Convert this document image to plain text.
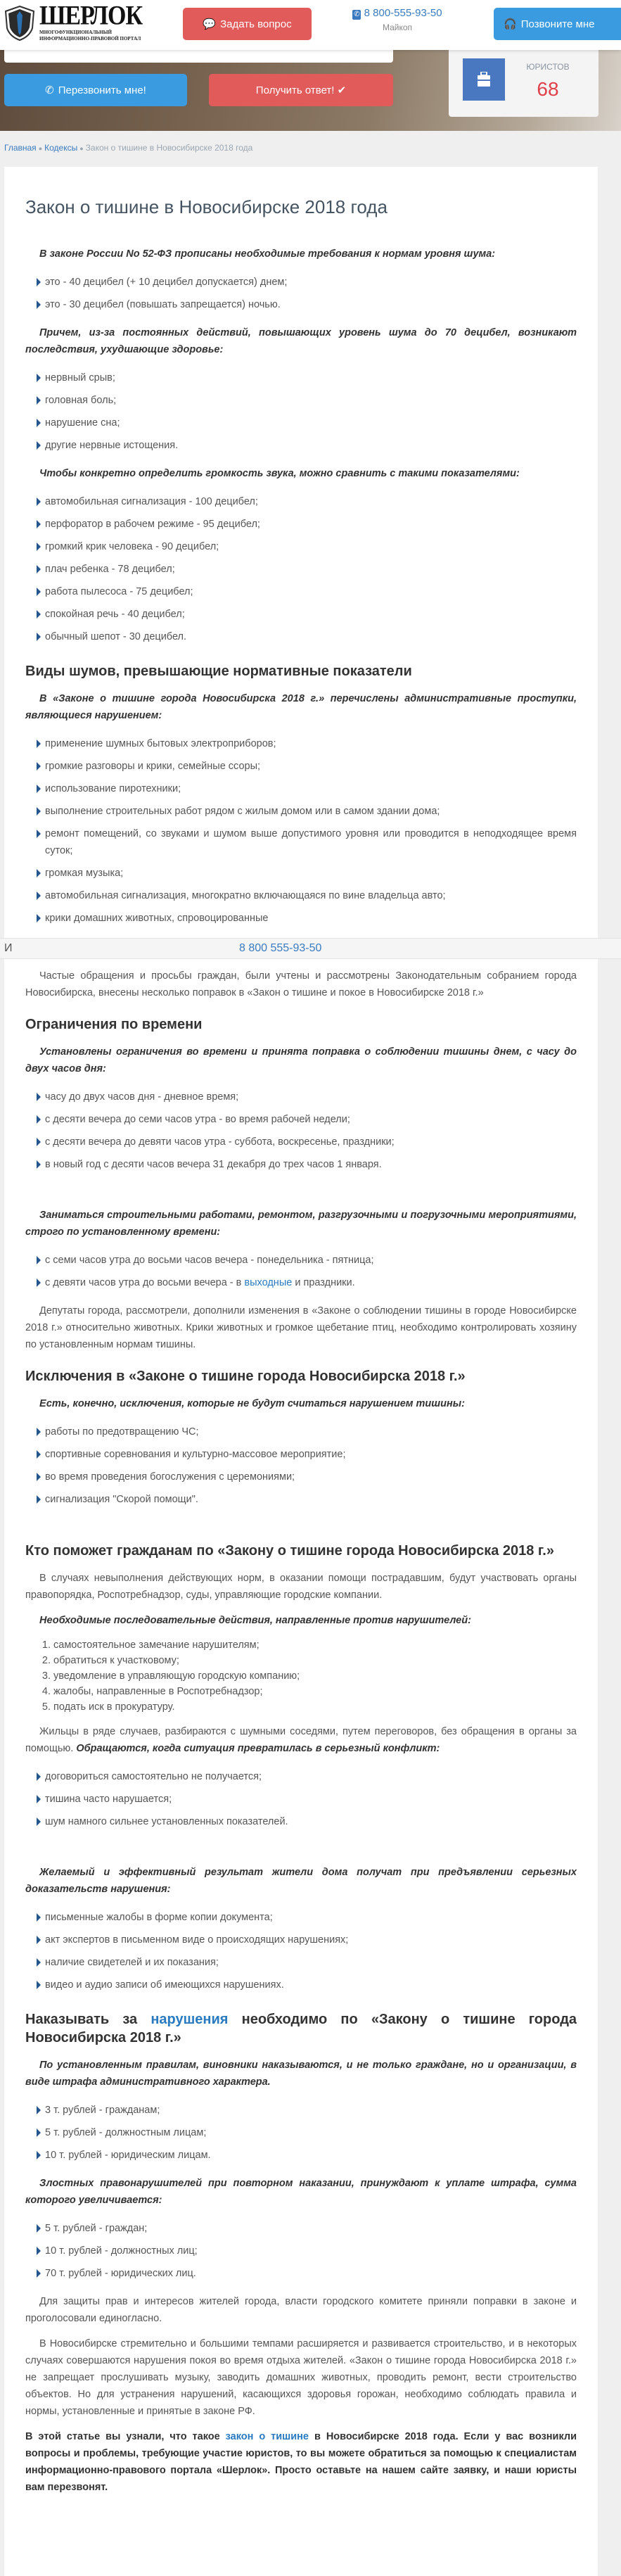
ШЕРЛОК
МНОГОФУНКЦИОНАЛЬНЫЙ
ИНФОРМАЦИОННО-ПРАВОВОЙ ПОРТАЛ
💬 Задать вопрос
✆ 8 800-555-93-50
Майкоп	🎧 Позвоните мне
✆ Перезвонить мне!	Получить ответ! ✔
ЮРИСТОВ
68
Главная ● Кодексы ● Закон о тишине в Новосибирске 2018 года
Закон о тишине в Новосибирске 2018 года

В законе России No 52-ФЗ прописаны необходимые требования к нормам уровня шума:

это - 40 децибел (+ 10 децибел допускается) днем;
это - 30 децибел (повышать запрещается) ночью.

Причем, из-за постоянных действий, повышающих уровень шума до 70 децибел, возникают последствия, ухудшающие здоровье:

нервный срыв;
головная боль;
нарушение сна;
другие нервные истощения.

Чтобы конкретно определить громкость звука, можно сравнить с такими показателями:

автомобильная сигнализация - 100 децибел;
перфоратор в рабочем режиме - 95 децибел;
громкий крик человека - 90 децибел;
плач ребенка - 78 децибел;
работа пылесоса - 75 децибел;
спокойная речь - 40 децибел;
обычный шепот - 30 децибел.
Виды шумов, превышающие нормативные показатели

В «Законе о тишине города Новосибирска 2018 г.» перечислены административные проступки, являющиеся нарушением:

применение шумных бытовых электроприборов;
громкие разговоры и крики, семейные ссоры;
использование пиротехники;
выполнение строительных работ рядом с жилым домом или в самом здании дома;
ремонт помещений, со звуками и шумом выше допустимого уровня или проводится в неподходящее время суток;
громкая музыка;
автомобильная сигнализация, многократно включающаяся по вине владельца авто;
крики домашних животных, спровоцированные
И	8 800 555-93-50

Частые обращения и просьбы граждан, были учтены и рассмотрены Законодательным собранием города Новосибирска, внесены несколько поправок в «Закон о тишине и покое в Новосибирске 2018 г.»

Ограничения по времени

Установлены ограничения во времени и принята поправка о соблюдении тишины днем, с часу до двух часов дня:

часу до двух часов дня - дневное время;
с десяти вечера до семи часов утра - во время рабочей недели;
с десяти вечера до девяти часов утра - суббота, воскресенье, праздники;
в новый год с десяти часов вечера 31 декабря до трех часов 1 января.

Заниматься строительными работами, ремонтом, разгрузочными и погрузочными мероприятиями, строго по установленному времени:

с семи часов утра до восьми часов вечера - понедельника - пятница;
с девяти часов утра до восьми вечера - в выходные и праздники.

Депутаты города, рассмотрели, дополнили изменения в «Законе о соблюдении тишины в городе Новосибирске 2018 г.» относительно животных. Крики животных и громкое щебетание птиц, необходимо контролировать хозяину по установленным нормам тишины.

Исключения в «Законе о тишине города Новосибирска 2018 г.»

Есть, конечно, исключения, которые не будут считаться нарушением тишины:

работы по предотвращению ЧС;
спортивные соревнования и культурно-массовое мероприятие;
во время проведения богослужения с церемониями;
сигнализация "Скорой помощи".
Кто поможет гражданам по «Закону о тишине города Новосибирска 2018 г.»

В случаях невыполнения действующих норм, в оказании помощи пострадавшим, будут участвовать органы правопорядка, Роспотребнадзор, суды, управляющие городские компании.

Необходимые последовательные действия, направленные против нарушителей:

1. самостоятельное замечание нарушителям;
2. обратиться к участковому;
3. уведомление в управляющую городскую компанию;
4. жалобы, направленные в Роспотребнадзор;
5. подать иск в прокуратуру.

Жильцы в ряде случаев, разбираются с шумными соседями, путем переговоров, без обращения в органы за помощью. Обращаются, когда ситуация превратилась в серьезный конфликт:

договориться самостоятельно не получается;
тишина часто нарушается;
шум намного сильнее установленных показателей.

Желаемый и эффективный результат жители дома получат при предъявлении серьезных доказательств нарушения:

письменные жалобы в форме копии документа;
акт экспертов в письменном виде о происходящих нарушениях;
наличие свидетелей и их показания;
видео и аудио записи об имеющихся нарушениях.
Наказывать за нарушения необходимо по «Закону о тишине города Новосибирска 2018 г.»

По установленным правилам, виновники наказываются, и не только граждане, но и организации, в виде штрафа административного характера.

3 т. рублей - гражданам;
5 т. рублей - должностным лицам;
10 т. рублей - юридическим лицам.

Злостных правонарушителей при повторном наказании, принуждают к уплате штрафа, сумма которого увеличивается:

5 т. рублей - граждан;
10 т. рублей - должностных лиц;
70 т. рублей - юридических лиц.

Для защиты прав и интересов жителей города, власти городского комитете приняли поправки в законе и проголосовали единогласно.

В Новосибирске стремительно и большими темпами расширяется и развивается строительство, и в некоторых случаях совершаются нарушения покоя во время отдыха жителей. «Закон о тишине города Новосибирска 2018 г.» не запрещает прослушивать музыку, заводить домашних животных, проводить ремонт, вести строительство объектов. Но для устранения нарушений, касающихся здоровья горожан, необходимо соблюдать правила и нормы, установленные и принятые в законе РФ.

В этой статье вы узнали, что такое закон о тишине в Новосибирске 2018 года. Если у вас возникли вопросы и проблемы, требующие участие юристов, то вы можете обратиться за помощью к специалистам информационно-правового портала «Шерлок». Просто оставьте на нашем сайте заявку, и наши юристы вам перезвонят.
